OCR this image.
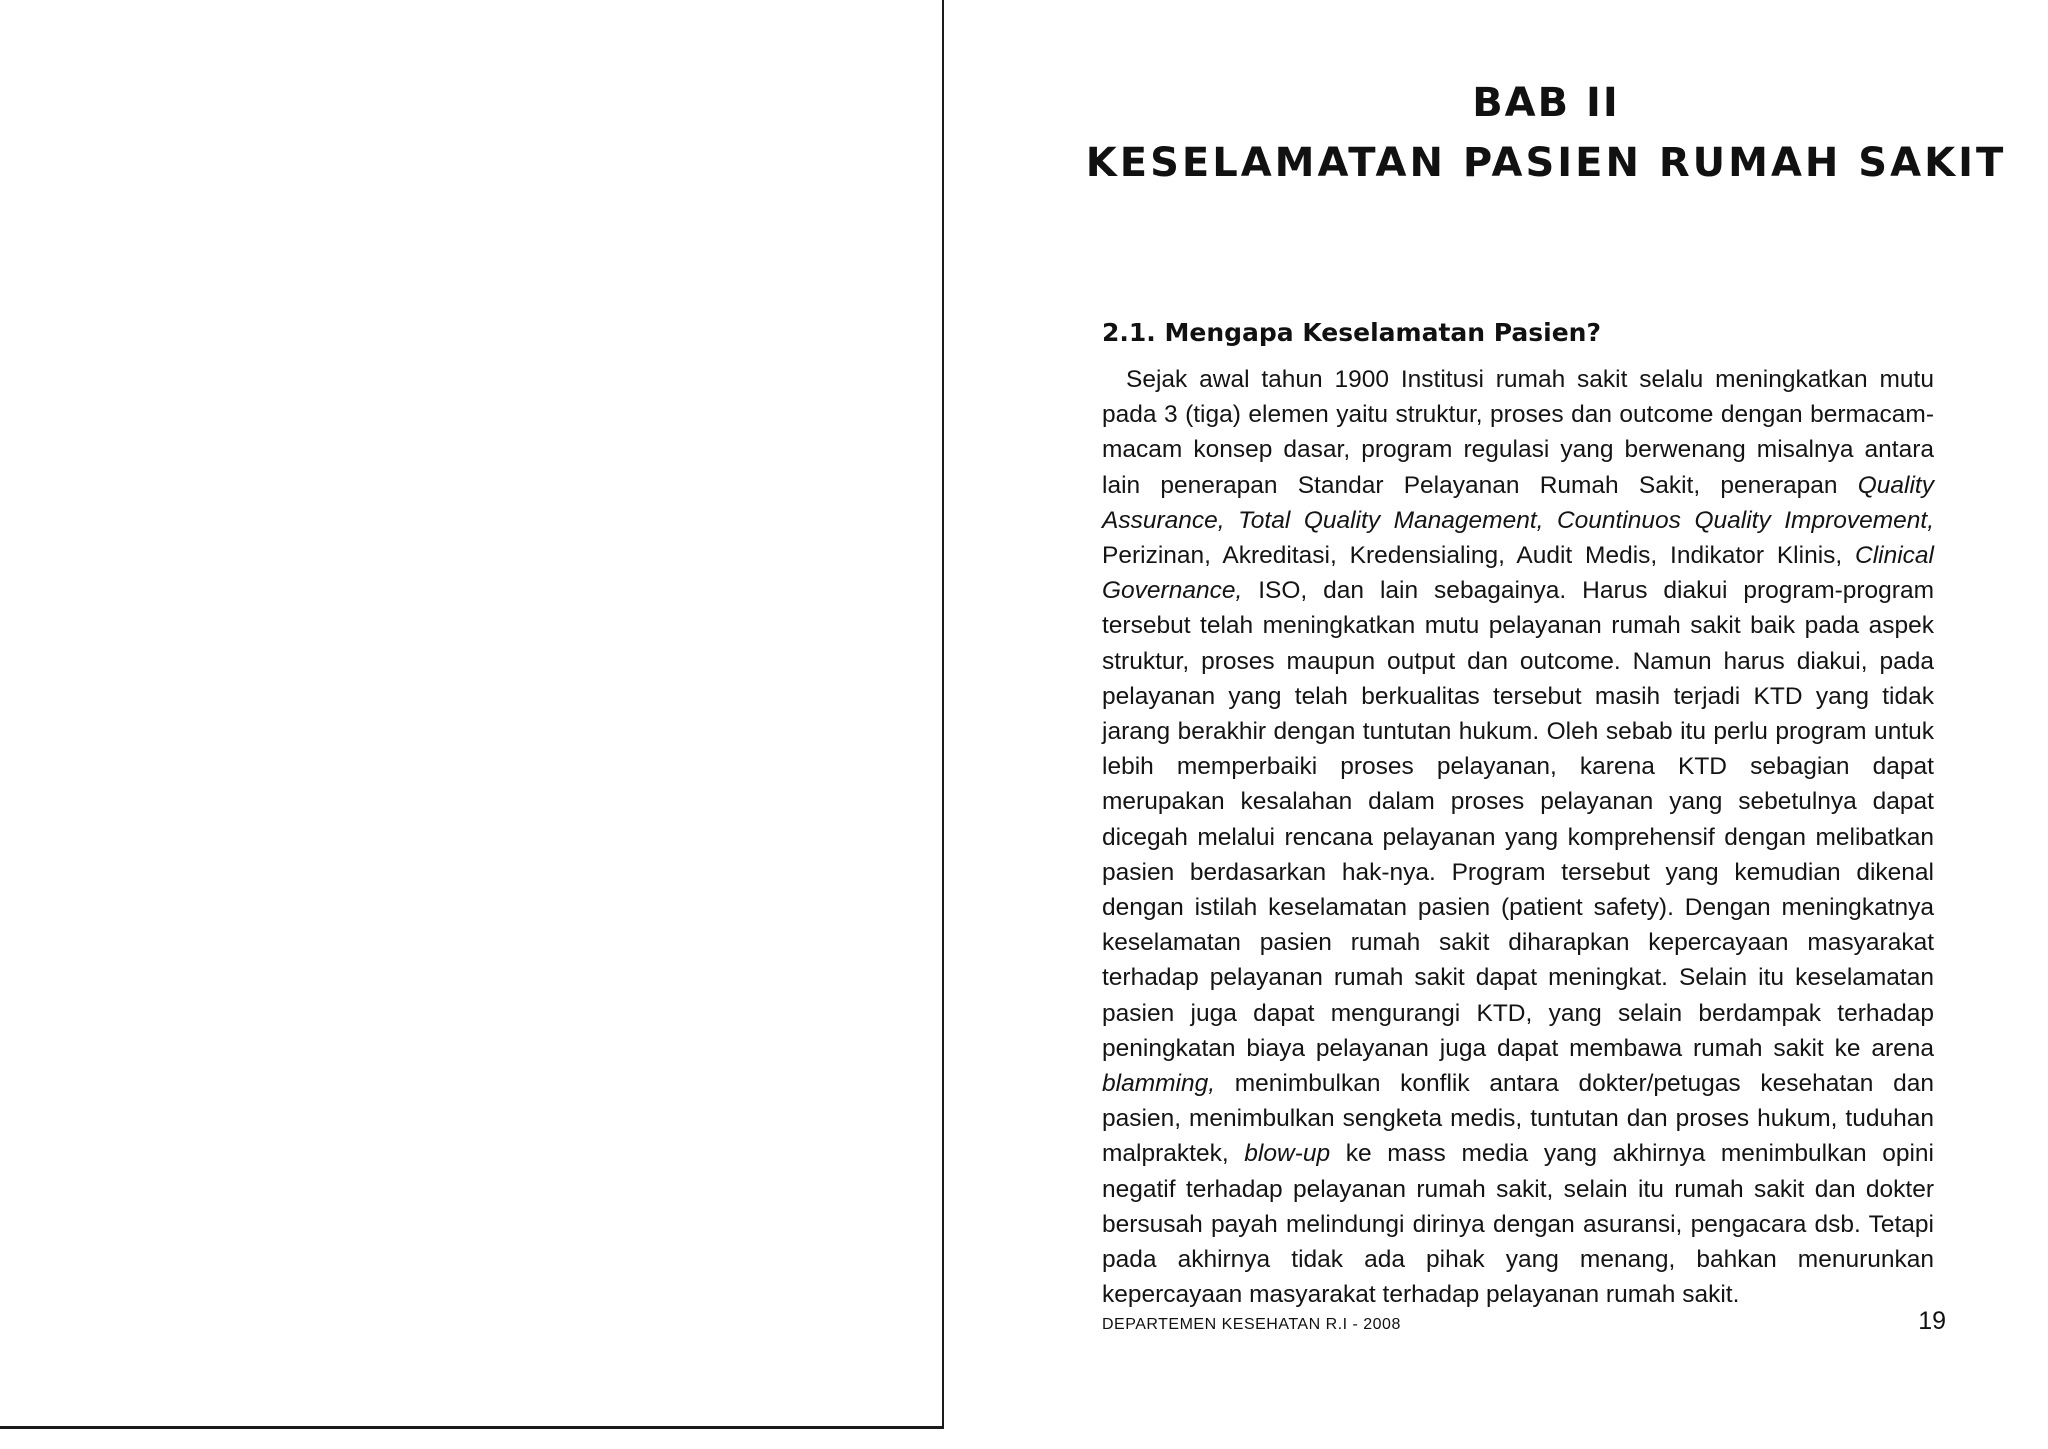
BAB II
KESELAMATAN PASIEN RUMAH SAKIT
2.1. Mengapa Keselamatan Pasien?

Sejak awal tahun 1900 Institusi rumah sakit selalu meningkatkan mutu pada 3 (tiga) elemen yaitu struktur, proses dan outcome dengan bermacam-macam konsep dasar, program regulasi yang berwenang misalnya antara lain penerapan Standar Pelayanan Rumah Sakit, penerapan Quality Assurance, Total Quality Management, Countinuos Quality Improvement, Perizinan, Akreditasi, Kredensialing, Audit Medis, Indikator Klinis, Clinical Governance, ISO, dan lain sebagainya. Harus diakui program-program tersebut telah meningkatkan mutu pelayanan rumah sakit baik pada aspek struktur, proses maupun output dan outcome. Namun harus diakui, pada pelayanan yang telah berkualitas tersebut masih terjadi KTD yang tidak jarang berakhir dengan tuntutan hukum. Oleh sebab itu perlu program untuk lebih memperbaiki proses pelayanan, karena KTD sebagian dapat merupakan kesalahan dalam proses pelayanan yang sebetulnya dapat dicegah melalui rencana pelayanan yang komprehensif dengan melibatkan pasien berdasarkan hak-nya. Program tersebut yang kemudian dikenal dengan istilah keselamatan pasien (patient safety). Dengan meningkatnya keselamatan pasien rumah sakit diharapkan kepercayaan masyarakat terhadap pelayanan rumah sakit dapat meningkat. Selain itu keselamatan pasien juga dapat mengurangi KTD, yang selain berdampak terhadap peningkatan biaya pelayanan juga dapat membawa rumah sakit ke arena blamming, menimbulkan konflik antara dokter/petugas kesehatan dan pasien, menimbulkan sengketa medis, tuntutan dan proses hukum, tuduhan malpraktek, blow-up ke mass media yang akhirnya menimbulkan opini negatif terhadap pelayanan rumah sakit, selain itu rumah sakit dan dokter bersusah payah melindungi dirinya dengan asuransi, pengacara dsb. Tetapi pada akhirnya tidak ada pihak yang menang, bahkan menurunkan kepercayaan masyarakat terhadap pelayanan rumah sakit.

DEPARTEMEN KESEHATAN R.I - 2008	19
